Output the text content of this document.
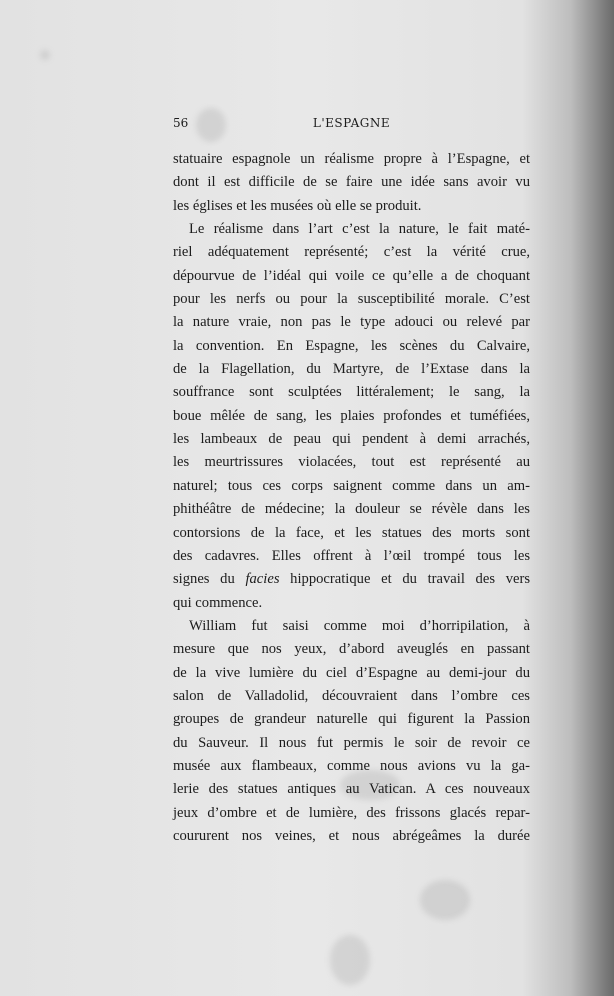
56	L'ESPAGNE
statuaire espagnole un réalisme propre à l’Espagne, et
dont il est difficile de se faire une idée sans avoir vu
les églises et les musées où elle se produit.
Le réalisme dans l’art c’est la nature, le fait maté-
riel adéquatement représenté; c’est la vérité crue,
dépourvue de l’idéal qui voile ce qu’elle a de choquant
pour les nerfs ou pour la susceptibilité morale. C’est
la nature vraie, non pas le type adouci ou relevé par
la convention. En Espagne, les scènes du Calvaire,
de la Flagellation, du Martyre, de l’Extase dans la
souffrance sont sculptées littéralement; le sang, la
boue mêlée de sang, les plaies profondes et tuméfiées,
les lambeaux de peau qui pendent à demi arrachés,
les meurtrissures violacées, tout est représenté au
naturel; tous ces corps saignent comme dans un am-
phithéâtre de médecine; la douleur se révèle dans les
contorsions de la face, et les statues des morts sont
des cadavres. Elles offrent à l’œil trompé tous les
signes du facies hippocratique et du travail des vers
qui commence.
William fut saisi comme moi d’horripilation, à
mesure que nos yeux, d’abord aveuglés en passant
de la vive lumière du ciel d’Espagne au demi-jour du
salon de Valladolid, découvraient dans l’ombre ces
groupes de grandeur naturelle qui figurent la Passion
du Sauveur. Il nous fut permis le soir de revoir ce
musée aux flambeaux, comme nous avions vu la ga-
lerie des statues antiques au Vatican. A ces nouveaux
jeux d’ombre et de lumière, des frissons glacés repar-
coururent nos veines, et nous abrégeâmes la durée
